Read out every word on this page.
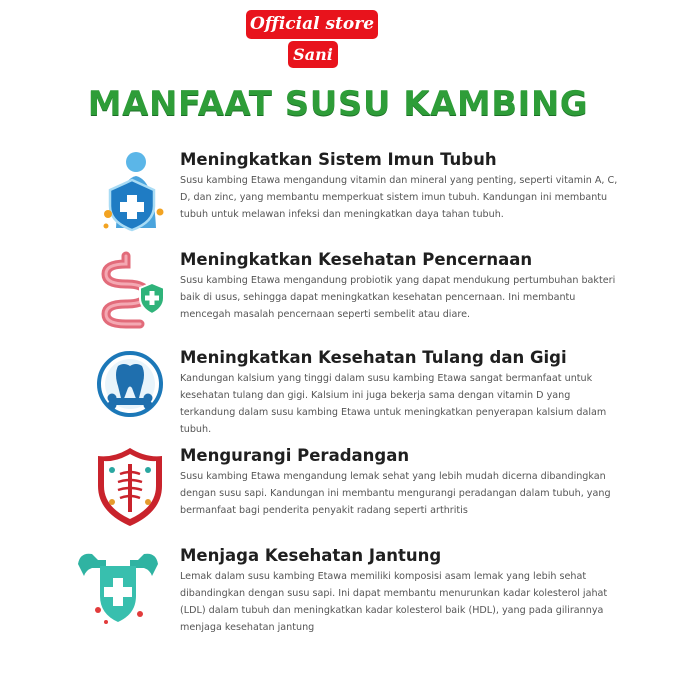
Official store
Sani
MANFAAT SUSU KAMBING
Meningkatkan Sistem Imun Tubuh
Susu kambing Etawa mengandung vitamin dan mineral yang penting, seperti vitamin A, C, D, dan zinc, yang membantu memperkuat sistem imun tubuh. Kandungan ini membantu tubuh untuk melawan infeksi dan meningkatkan daya tahan tubuh.
Meningkatkan Kesehatan Pencernaan
Susu kambing Etawa mengandung probiotik yang dapat mendukung pertumbuhan bakteri baik di usus, sehingga dapat meningkatkan kesehatan pencernaan. Ini membantu mencegah masalah pencernaan seperti sembelit atau diare.
Meningkatkan Kesehatan Tulang dan Gigi
Kandungan kalsium yang tinggi dalam susu kambing Etawa sangat bermanfaat untuk kesehatan tulang dan gigi. Kalsium ini juga bekerja sama dengan vitamin D yang terkandung dalam susu kambing Etawa untuk meningkatkan penyerapan kalsium dalam tubuh.
Mengurangi Peradangan
Susu kambing Etawa mengandung lemak sehat yang lebih mudah dicerna dibandingkan dengan susu sapi. Kandungan ini membantu mengurangi peradangan dalam tubuh, yang bermanfaat bagi penderita penyakit radang seperti arthritis
Menjaga Kesehatan Jantung
Lemak dalam susu kambing Etawa memiliki komposisi asam lemak yang lebih sehat dibandingkan dengan susu sapi. Ini dapat membantu menurunkan kadar kolesterol jahat (LDL) dalam tubuh dan meningkatkan kadar kolesterol baik (HDL), yang pada gilirannya menjaga kesehatan jantung
